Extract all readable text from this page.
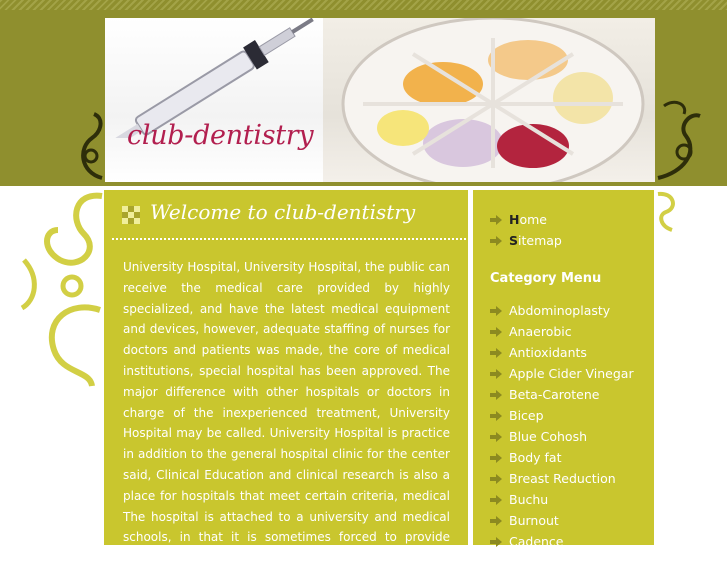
club-dentistry
Welcome to club-dentistry

University Hospital, University Hospital, the public can receive the medical care provided by highly specialized, and have the latest medical equipment and devices, however, adequate staffing of nurses for doctors and patients was made, the core of medical institutions, special hospital has been approved. The major difference with other hospitals or doctors in charge of the inexperienced treatment, University Hospital may be called. University Hospital is practice in addition to the general hospital clinic for the center said, Clinical Education and clinical research is also a place for hospitals that meet certain criteria, medical The hospital is attached to a university and medical schools, in that it is sometimes forced to provide medical student

H ome
S itemap
Category Menu
Abdominoplasty
Anaerobic
Antioxidants
Apple Cider Vinegar
Beta-Carotene
Bicep
Blue Cohosh
Body fat
Breast Reduction
Buchu
Burnout
Cadence
